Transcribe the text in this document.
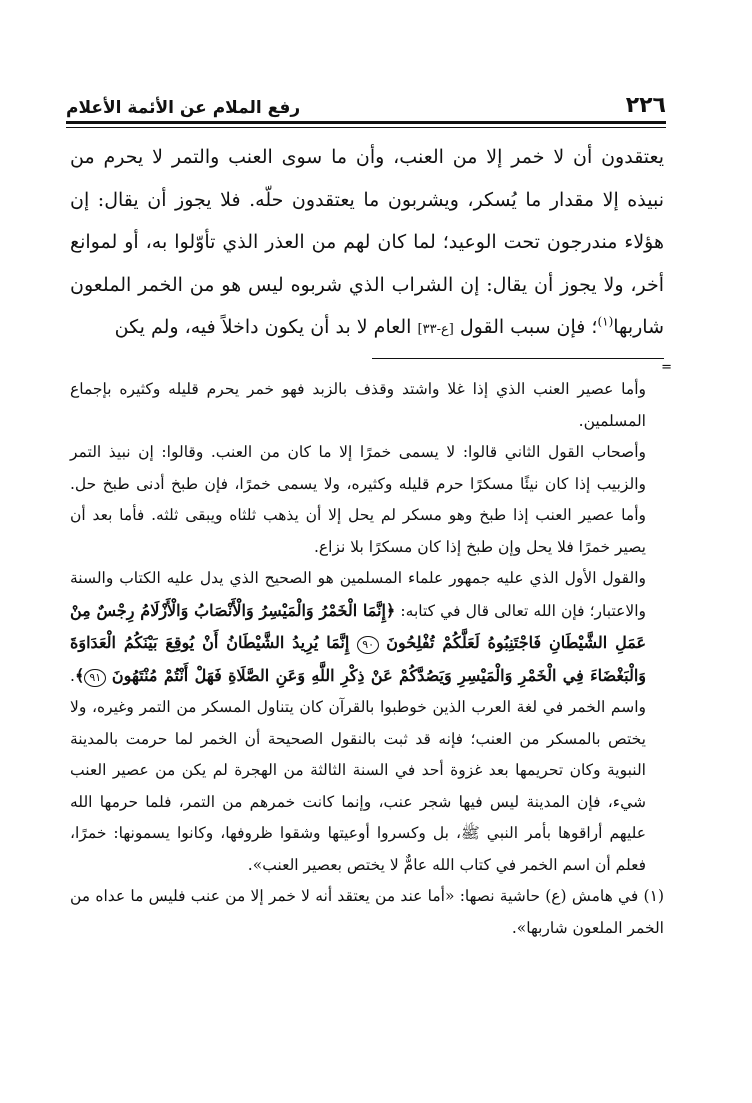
٢٢٦
رفع الملام عن الأئمة الأعلام

يعتقدون أن لا خمر إلا من العنب، وأن ما سوى العنب والتمر لا يحرم من نبيذه إلا مقدار ما يُسكر، ويشربون ما يعتقدون حلّه. فلا يجوز أن يقال: إن هؤلاء مندرجون تحت الوعيد؛ لما كان لهم من العذر الذي تأوّلوا به، أو لموانع أخر، ولا يجوز أن يقال: إن الشراب الذي شربوه ليس هو من الخمر الملعون شاربها$^{(١)}$؛ فإن سبب القول [ع-٣٣] العام لا بد أن يكون داخلاً فيه، ولم يكن

=

وأما عصير العنب الذي إذا غلا واشتد وقذف بالزبد فهو خمر يحرم قليله وكثيره بإجماع المسلمين.

وأصحاب القول الثاني قالوا: لا يسمى خمرًا إلا ما كان من العنب. وقالوا: إن نبيذ التمر والزبيب إذا كان نيئًا مسكرًا حرم قليله وكثيره، ولا يسمى خمرًا، فإن طبخ أدنى طبخ حل. وأما عصير العنب إذا طبخ وهو مسكر لم يحل إلا أن يذهب ثلثاه ويبقى ثلثه. فأما بعد أن يصير خمرًا فلا يحل وإن طبخ إذا كان مسكرًا بلا نزاع.

والقول الأول الذي عليه جمهور علماء المسلمين هو الصحيح الذي يدل عليه الكتاب والسنة والاعتبار؛ فإن الله تعالى قال في كتابه: ﴿إِنَّمَا الْخَمْرُ وَالْمَيْسِرُ وَالْأَنْصَابُ وَالْأَزْلَامُ رِجْسٌ مِنْ عَمَلِ الشَّيْطَانِ فَاجْتَنِبُوهُ لَعَلَّكُمْ تُفْلِحُونَ ٩٠ إِنَّمَا يُرِيدُ الشَّيْطَانُ أَنْ يُوقِعَ بَيْنَكُمُ الْعَدَاوَةَ وَالْبَغْضَاءَ فِي الْخَمْرِ وَالْمَيْسِرِ وَيَصُدَّكُمْ عَنْ ذِكْرِ اللَّهِ وَعَنِ الصَّلَاةِ فَهَلْ أَنْتُمْ مُنْتَهُونَ ٩١﴾. واسم الخمر في لغة العرب الذين خوطبوا بالقرآن كان يتناول المسكر من التمر وغيره، ولا يختص بالمسكر من العنب؛ فإنه قد ثبت بالنقول الصحيحة أن الخمر لما حرمت بالمدينة النبوية وكان تحريمها بعد غزوة أحد في السنة الثالثة من الهجرة لم يكن من عصير العنب شيء، فإن المدينة ليس فيها شجر عنب، وإنما كانت خمرهم من التمر، فلما حرمها الله عليهم أراقوها بأمر النبي ﷺ، بل وكسروا أوعيتها وشقوا ظروفها، وكانوا يسمونها: خمرًا، فعلم أن اسم الخمر في كتاب الله عامٌّ لا يختص بعصير العنب».

(١) في هامش (ع) حاشية نصها: «أما عند من يعتقد أنه لا خمر إلا من عنب فليس ما عداه من الخمر الملعون شاربها».
